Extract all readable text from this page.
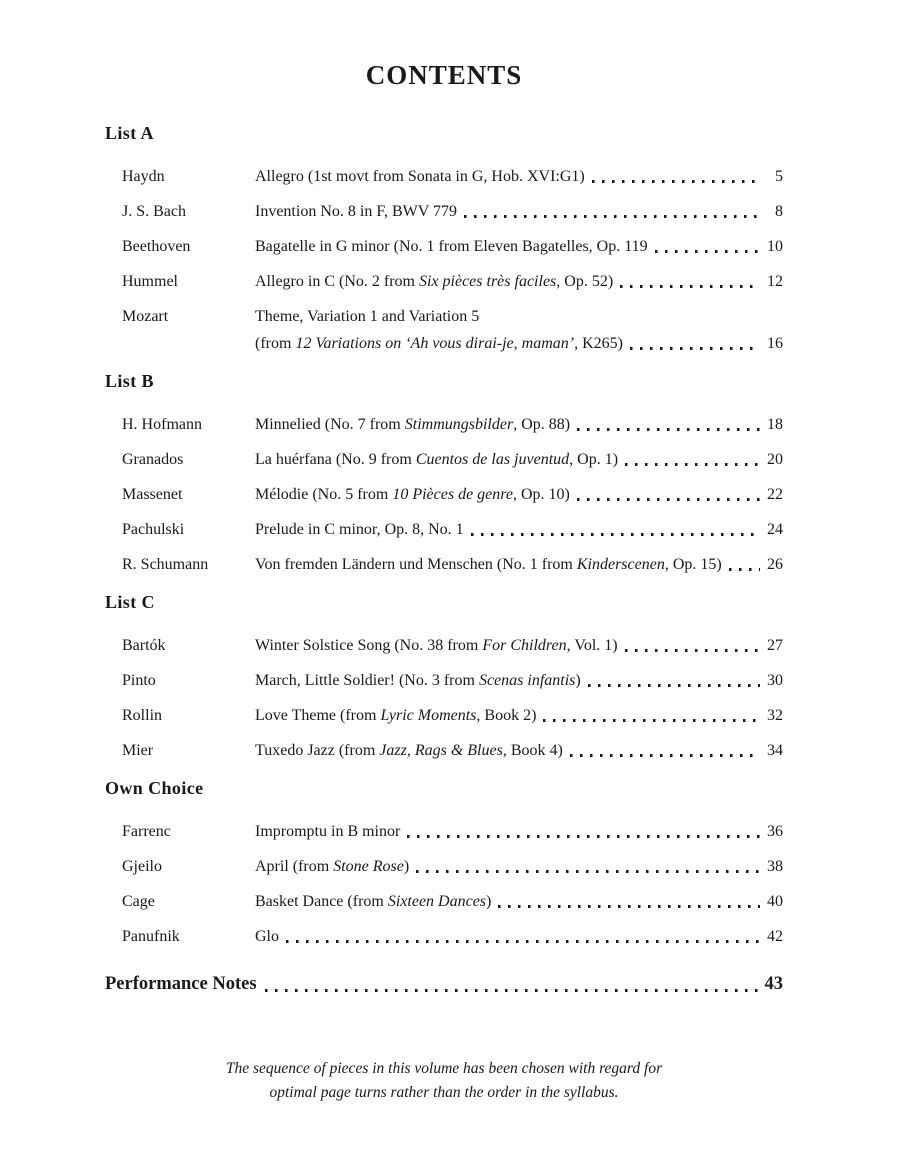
CONTENTS
List A
Haydn	Allegro (1st movt from Sonata in G, Hob. XVI:G1)	5
J. S. Bach	Invention No. 8 in F, BWV 779	8
Beethoven	Bagatelle in G minor (No. 1 from Eleven Bagatelles, Op. 119	10
Hummel	Allegro in C (No. 2 from Six pièces très faciles, Op. 52)	12
Mozart	Theme, Variation 1 and Variation 5
(from 12 Variations on ‘Ah vous dirai-je, maman’, K265)	16
List B
H. Hofmann	Minnelied (No. 7 from Stimmungsbilder, Op. 88)	18
Granados	La huérfana (No. 9 from Cuentos de las juventud, Op. 1)	20
Massenet	Mélodie (No. 5 from 10 Pièces de genre, Op. 10)	22
Pachulski	Prelude in C minor, Op. 8, No. 1	24
R. Schumann	Von fremden Ländern und Menschen (No. 1 from Kinderscenen, Op. 15)	26
List C
Bartók	Winter Solstice Song (No. 38 from For Children, Vol. 1)	27
Pinto	March, Little Soldier! (No. 3 from Scenas infantis)	30
Rollin	Love Theme (from Lyric Moments, Book 2)	32
Mier	Tuxedo Jazz (from Jazz, Rags & Blues, Book 4)	34
Own Choice
Farrenc	Impromptu in B minor	36
Gjeilo	April (from Stone Rose)	38
Cage	Basket Dance (from Sixteen Dances)	40
Panufnik	Glo	42
Performance Notes	43
The sequence of pieces in this volume has been chosen with regard for
optimal page turns rather than the order in the syllabus.
